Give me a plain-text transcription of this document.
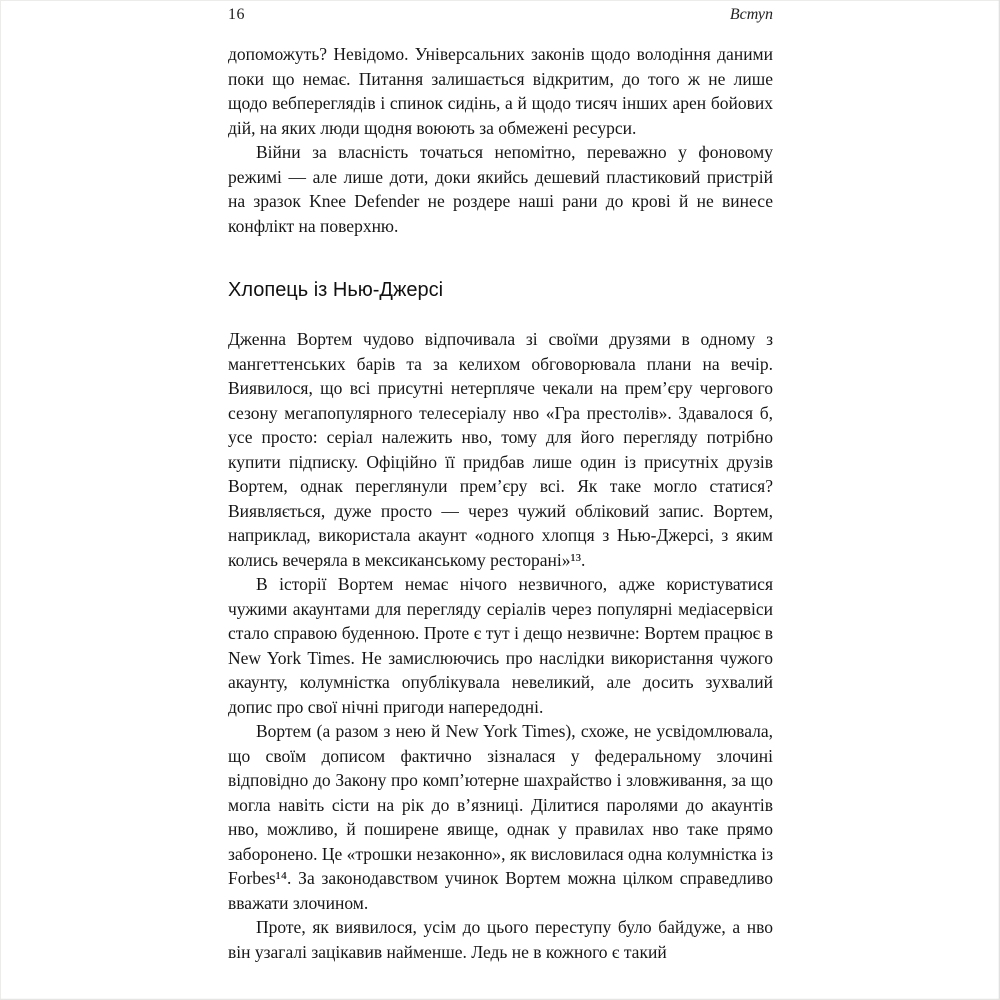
16	Вступ

допоможуть? Невідомо. Універсальних законів щодо володіння даними поки що немає. Питання залишається відкритим, до того ж не лише щодо вебпереглядів і спинок сидінь, а й щодо тисяч інших арен бойових дій, на яких люди щодня воюють за обмежені ресурси.

Війни за власність точаться непомітно, переважно у фоновому режимі — але лише доти, доки якийсь дешевий пластиковий пристрій на зразок Knee Defender не роздере наші рани до крові й не винесе конфлікт на поверхню.

Хлопець із Нью-Джерсі

Дженна Вортем чудово відпочивала зі своїми друзями в одному з мангеттенських барів та за келихом обговорювала плани на вечір. Виявилося, що всі присутні нетерпляче чекали на прем’єру чергового сезону мегапопулярного телесеріалу нво «Гра престолів». Здавалося б, усе просто: серіал належить нво, тому для його перегляду потрібно купити підписку. Офіційно її придбав лише один із присутніх друзів Вортем, однак переглянули прем’єру всі. Як таке могло статися? Виявляється, дуже просто — через чужий обліковий запис. Вортем, наприклад, використала акаунт «одного хлопця з Нью-Джерсі, з яким колись вечеряла в мексиканському ресторані»¹³.

В історії Вортем немає нічого незвичного, адже користуватися чужими акаунтами для перегляду серіалів через популярні медіасервіси стало справою буденною. Проте є тут і дещо незвичне: Вортем працює в New York Times. Не замислюючись про наслідки використання чужого акаунту, колумністка опублікувала невеликий, але досить зухвалий допис про свої нічні пригоди напередодні.

Вортем (а разом з нею й New York Times), схоже, не усвідомлювала, що своїм дописом фактично зізналася у федеральному злочині відповідно до Закону про комп’ютерне шахрайство і зловживання, за що могла навіть сісти на рік до в’язниці. Ділитися паролями до акаунтів нво, можливо, й поширене явище, однак у правилах нво таке прямо заборонено. Це «трошки незаконно», як висловилася одна колумністка із Forbes¹⁴. За законодавством учинок Вортем можна цілком справедливо вважати злочином.

Проте, як виявилося, усім до цього переступу було байдуже, а нво він узагалі зацікавив найменше. Ледь не в кожного є такий
